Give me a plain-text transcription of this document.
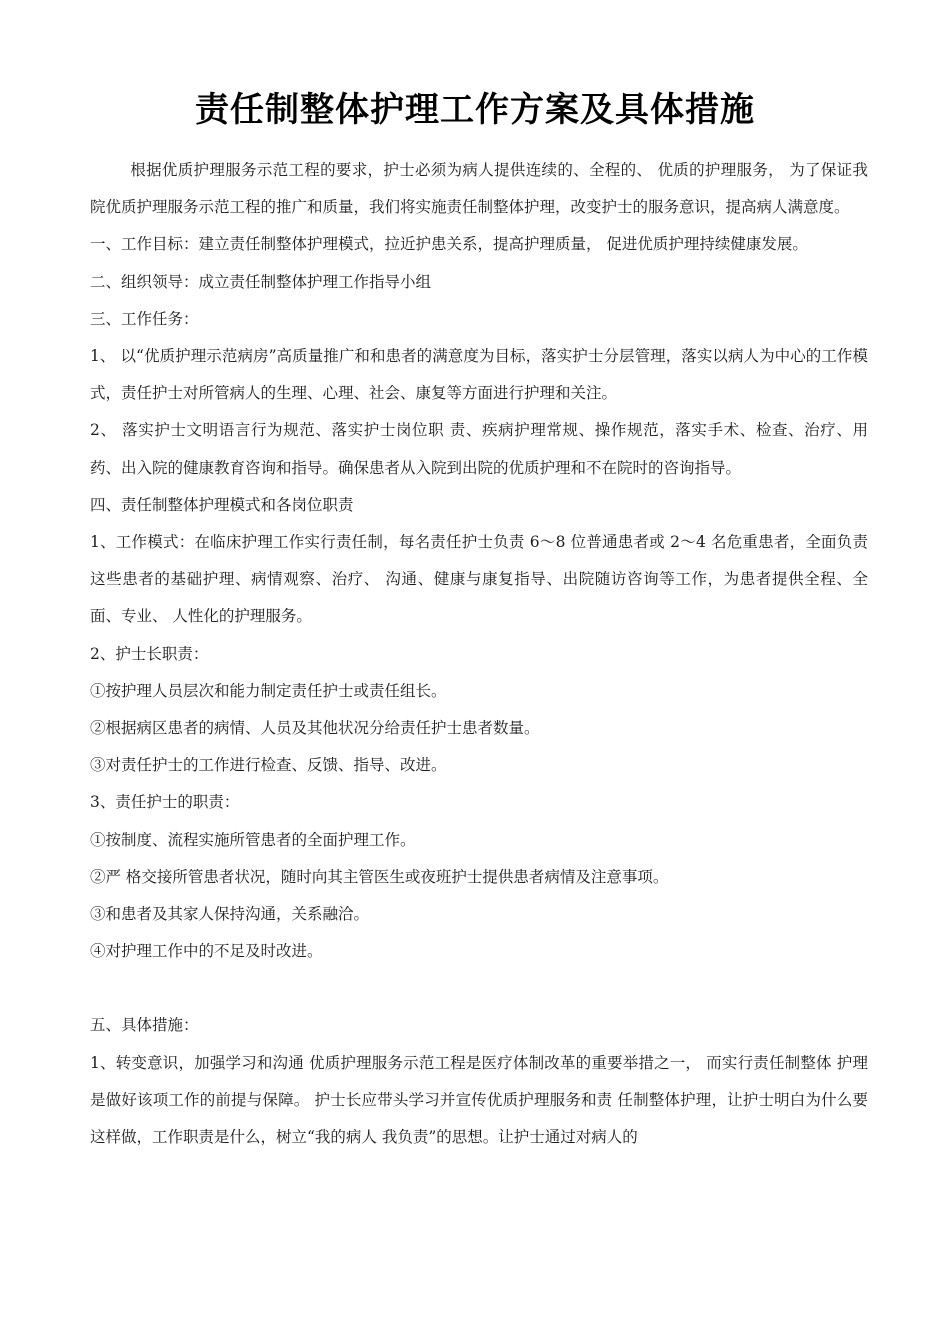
责任制整体护理工作方案及具体措施

根据优质护理服务示范工程的要求，护士必须为病人提供连续的、全程的、 优质的护理服务， 为了保证我院优质护理服务示范工程的推广和质量，我们将实施责任制整体护理，改变护士的服务意识，提高病人满意度。

一、工作目标：建立责任制整体护理模式，拉近护患关系，提高护理质量， 促进优质护理持续健康发展。

二、组织领导：成立责任制整体护理工作指导小组

三、工作任务：

1、 以“优质护理示范病房”高质量推广和和患者的满意度为目标，落实护士分层管理，落实以病人为中心的工作模式，责任护士对所管病人的生理、心理、社会、康复等方面进行护理和关注。

2、 落实护士文明语言行为规范、落实护士岗位职 责、疾病护理常规、操作规范，落实手术、检查、治疗、用药、出入院的健康教育咨询和指导。确保患者从入院到出院的优质护理和不在院时的咨询指导。

四、责任制整体护理模式和各岗位职责

1、工作模式：在临床护理工作实行责任制，每名责任护士负责 6～8 位普通患者或 2～4 名危重患者，全面负责这些患者的基础护理、病情观察、治疗、 沟通、健康与康复指导、出院随访咨询等工作，为患者提供全程、全面、专业、 人性化的护理服务。

2、护士长职责：

①按护理人员层次和能力制定责任护士或责任组长。

②根据病区患者的病情、人员及其他状况分给责任护士患者数量。

③对责任护士的工作进行检查、反馈、指导、改进。

3、责任护士的职责：

①按制度、流程实施所管患者的全面护理工作。

②严 格交接所管患者状况，随时向其主管医生或夜班护士提供患者病情及注意事项。

③和患者及其家人保持沟通，关系融洽。

④对护理工作中的不足及时改进。

五、具体措施：

1、转变意识，加强学习和沟通 优质护理服务示范工程是医疗体制改革的重要举措之一， 而实行责任制整体 护理是做好该项工作的前提与保障。 护士长应带头学习并宣传优质护理服务和责 任制整体护理，让护士明白为什么要这样做，工作职责是什么，树立“我的病人 我负责”的思想。让护士通过对病人的
